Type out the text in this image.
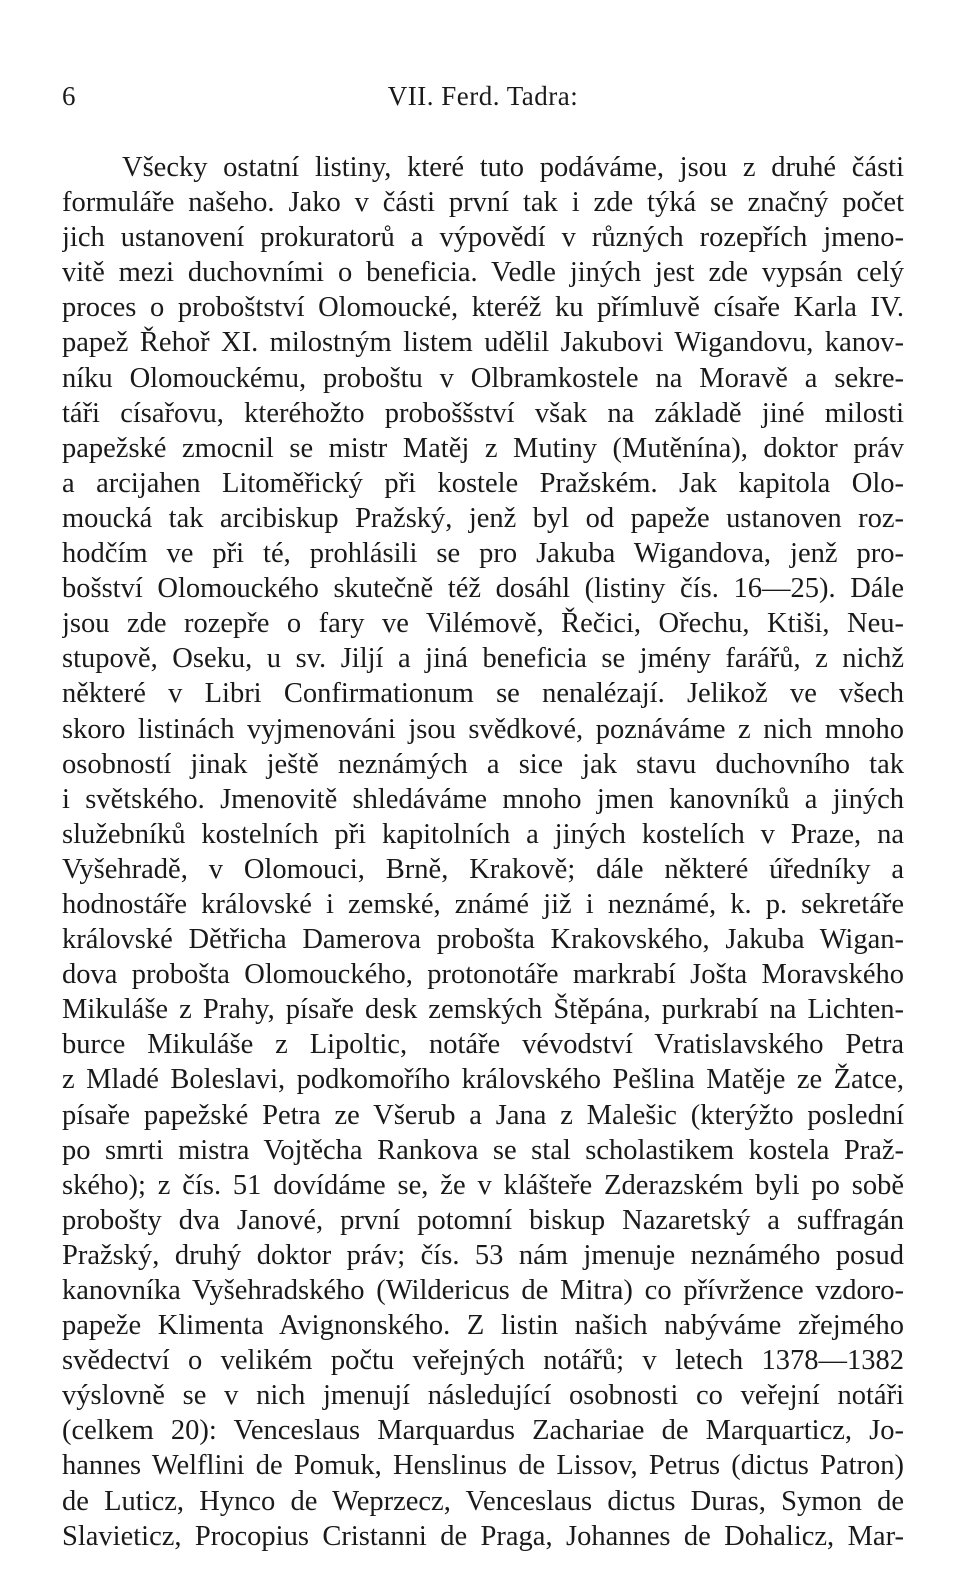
6	VII. Ferd. Tadra:
Všecky ostatní listiny, které tuto podáváme, jsou z druhé části
formuláře našeho. Jako v části první tak i zde týká se značný počet
jich ustanovení prokuratorů a výpovědí v různých rozepřích jmeno-
vitě mezi duchovními o beneficia. Vedle jiných jest zde vypsán celý
proces o proboštství Olomoucké, kteréž ku přímluvě císaře Karla IV.
papež Řehoř XI. milostným listem udělil Jakubovi Wigandovu, kanov-
níku Olomouckému, proboštu v Olbramkostele na Moravě a sekre-
táři císařovu, kteréhožto proboššství však na základě jiné milosti
papežské zmocnil se mistr Matěj z Mutiny (Mutěnína), doktor práv
a arcijahen Litoměřický při kostele Pražském. Jak kapitola Olo-
moucká tak arcibiskup Pražský, jenž byl od papeže ustanoven roz-
hodčím ve při té, prohlásili se pro Jakuba Wigandova, jenž pro-
bošství Olomouckého skutečně též dosáhl (listiny čís. 16—25). Dále
jsou zde rozepře o fary ve Vilémově, Řečici, Ořechu, Ktiši, Neu-
stupově, Oseku, u sv. Jiljí a jiná beneficia se jmény farářů, z nichž
některé v Libri Confirmationum se nenalézají. Jelikož ve všech
skoro listinách vyjmenováni jsou svědkové, poznáváme z nich mnoho
osobností jinak ještě neznámých a sice jak stavu duchovního tak
i světského. Jmenovitě shledáváme mnoho jmen kanovníků a jiných
služebníků kostelních při kapitolních a jiných kostelích v Praze, na
Vyšehradě, v Olomouci, Brně, Krakově; dále některé úředníky a
hodnostáře královské i zemské, známé již i neznámé, k. p. sekretáře
královské Dětřicha Damerova probošta Krakovského, Jakuba Wigan-
dova probošta Olomouckého, protonotáře markrabí Jošta Moravského
Mikuláše z Prahy, písaře desk zemských Štěpána, purkrabí na Lichten-
burce Mikuláše z Lipoltic, notáře vévodství Vratislavského Petra
z Mladé Boleslavi, podkomořího královského Pešlina Matěje ze Žatce,
písaře papežské Petra ze Všerub a Jana z Malešic (kterýžto poslední
po smrti mistra Vojtěcha Rankova se stal scholastikem kostela Praž-
ského); z čís. 51 dovídáme se, že v klášteře Zderazském byli po sobě
probošty dva Janové, první potomní biskup Nazaretský a suffragán
Pražský, druhý doktor práv; čís. 53 nám jmenuje neznámého posud
kanovníka Vyšehradského (Wildericus de Mitra) co přívržence vzdoro-
papeže Klimenta Avignonského. Z listin našich nabýváme zřejmého
svědectví o velikém počtu veřejných notářů; v letech 1378—1382
výslovně se v nich jmenují následující osobnosti co veřejní notáři
(celkem 20): Venceslaus Marquardus Zachariae de Marquarticz, Jo-
hannes Welflini de Pomuk, Henslinus de Lissov, Petrus (dictus Patron)
de Luticz, Hynco de Weprzecz, Venceslaus dictus Duras, Symon de
Slavieticz, Procopius Cristanni de Praga, Johannes de Dohalicz, Mar-
